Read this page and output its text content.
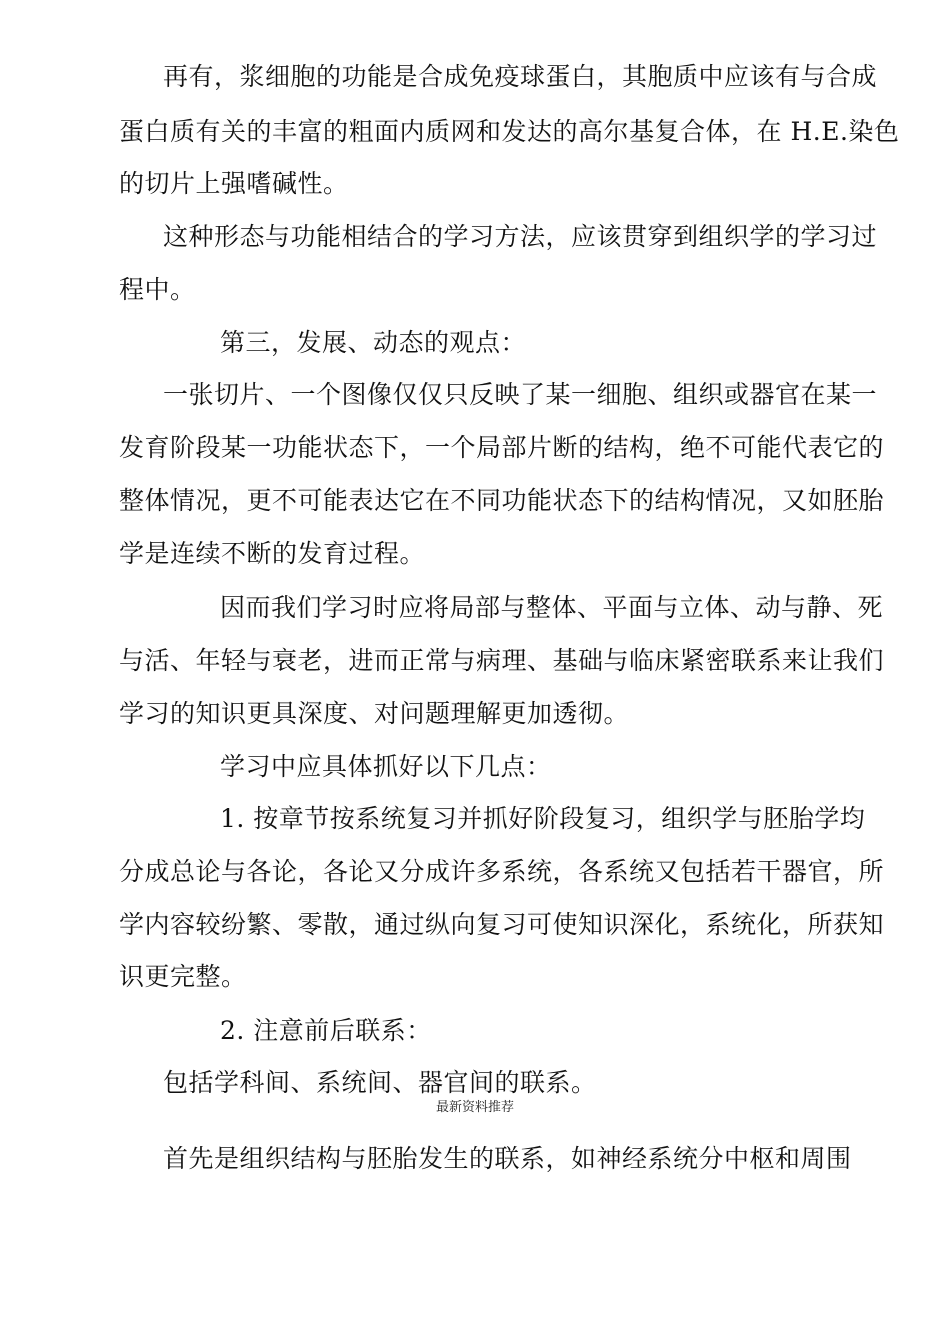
再有，浆细胞的功能是合成免疫球蛋白，其胞质中应该有与合成

蛋白质有关的丰富的粗面内质网和发达的高尔基复合体，在 H.E.染色

的切片上强嗜碱性。

这种形态与功能相结合的学习方法，应该贯穿到组织学的学习过

程中。

第三，发展、动态的观点：

一张切片、一个图像仅仅只反映了某一细胞、组织或器官在某一

发育阶段某一功能状态下，一个局部片断的结构，绝不可能代表它的

整体情况，更不可能表达它在不同功能状态下的结构情况，又如胚胎

学是连续不断的发育过程。

因而我们学习时应将局部与整体、平面与立体、动与静、死

与活、年轻与衰老，进而正常与病理、基础与临床紧密联系来让我们

学习的知识更具深度、对问题理解更加透彻。

学习中应具体抓好以下几点：

1. 按章节按系统复习并抓好阶段复习，组织学与胚胎学均

分成总论与各论，各论又分成许多系统，各系统又包括若干器官，所

学内容较纷繁、零散，通过纵向复习可使知识深化，系统化，所获知

识更完整。

2. 注意前后联系：

包括学科间、系统间、器官间的联系。

最新资料推荐

首先是组织结构与胚胎发生的联系，如神经系统分中枢和周围
